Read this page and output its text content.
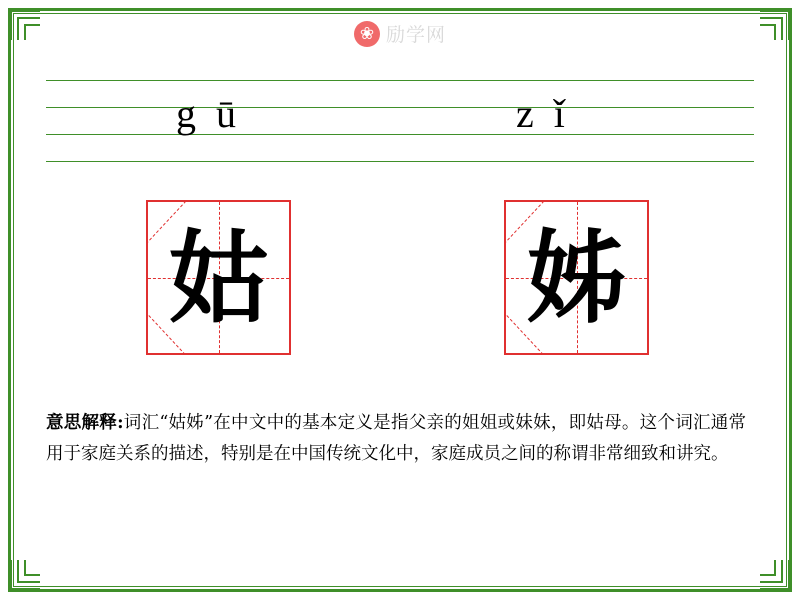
❀ 励学网
g ū	z ǐ
姑	姊
意思解释:词汇“姑姊”在中文中的基本定义是指父亲的姐姐或妹妹，即姑母。这个词汇通常用于家庭关系的描述，特别是在中国传统文化中，家庭成员之间的称谓非常细致和讲究。
